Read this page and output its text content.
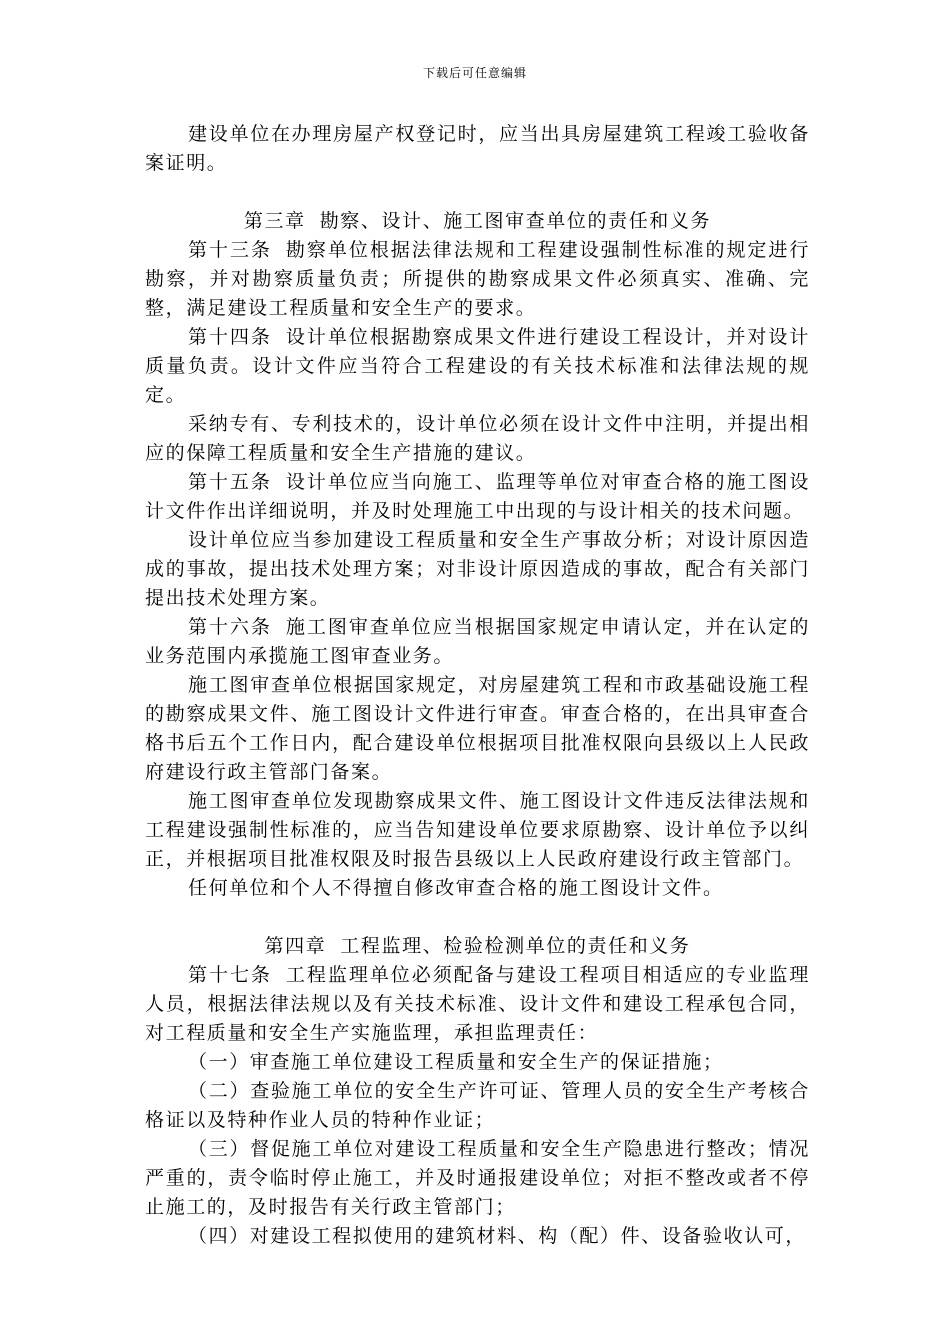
下载后可任意编辑

建设单位在办理房屋产权登记时，应当出具房屋建筑工程竣工验收备案证明。

第三章 勘察、设计、施工图审查单位的责任和义务

第十三条 勘察单位根据法律法规和工程建设强制性标准的规定进行勘察，并对勘察质量负责；所提供的勘察成果文件必须真实、准确、完整，满足建设工程质量和安全生产的要求。

第十四条 设计单位根据勘察成果文件进行建设工程设计，并对设计质量负责。设计文件应当符合工程建设的有关技术标准和法律法规的规定。

采纳专有、专利技术的，设计单位必须在设计文件中注明，并提出相应的保障工程质量和安全生产措施的建议。

第十五条 设计单位应当向施工、监理等单位对审查合格的施工图设计文件作出详细说明，并及时处理施工中出现的与设计相关的技术问题。

设计单位应当参加建设工程质量和安全生产事故分析；对设计原因造成的事故，提出技术处理方案；对非设计原因造成的事故，配合有关部门提出技术处理方案。

第十六条 施工图审查单位应当根据国家规定申请认定，并在认定的业务范围内承揽施工图审查业务。

施工图审查单位根据国家规定，对房屋建筑工程和市政基础设施工程的勘察成果文件、施工图设计文件进行审查。审查合格的，在出具审查合格书后五个工作日内，配合建设单位根据项目批准权限向县级以上人民政府建设行政主管部门备案。

施工图审查单位发现勘察成果文件、施工图设计文件违反法律法规和工程建设强制性标准的，应当告知建设单位要求原勘察、设计单位予以纠正，并根据项目批准权限及时报告县级以上人民政府建设行政主管部门。

任何单位和个人不得擅自修改审查合格的施工图设计文件。

第四章 工程监理、检验检测单位的责任和义务

第十七条 工程监理单位必须配备与建设工程项目相适应的专业监理人员，根据法律法规以及有关技术标准、设计文件和建设工程承包合同，对工程质量和安全生产实施监理，承担监理责任：

（一）审查施工单位建设工程质量和安全生产的保证措施；

（二）查验施工单位的安全生产许可证、管理人员的安全生产考核合格证以及特种作业人员的特种作业证；

（三）督促施工单位对建设工程质量和安全生产隐患进行整改；情况严重的，责令临时停止施工，并及时通报建设单位；对拒不整改或者不停止施工的，及时报告有关行政主管部门；

（四）对建设工程拟使用的建筑材料、构（配）件、设备验收认可，
